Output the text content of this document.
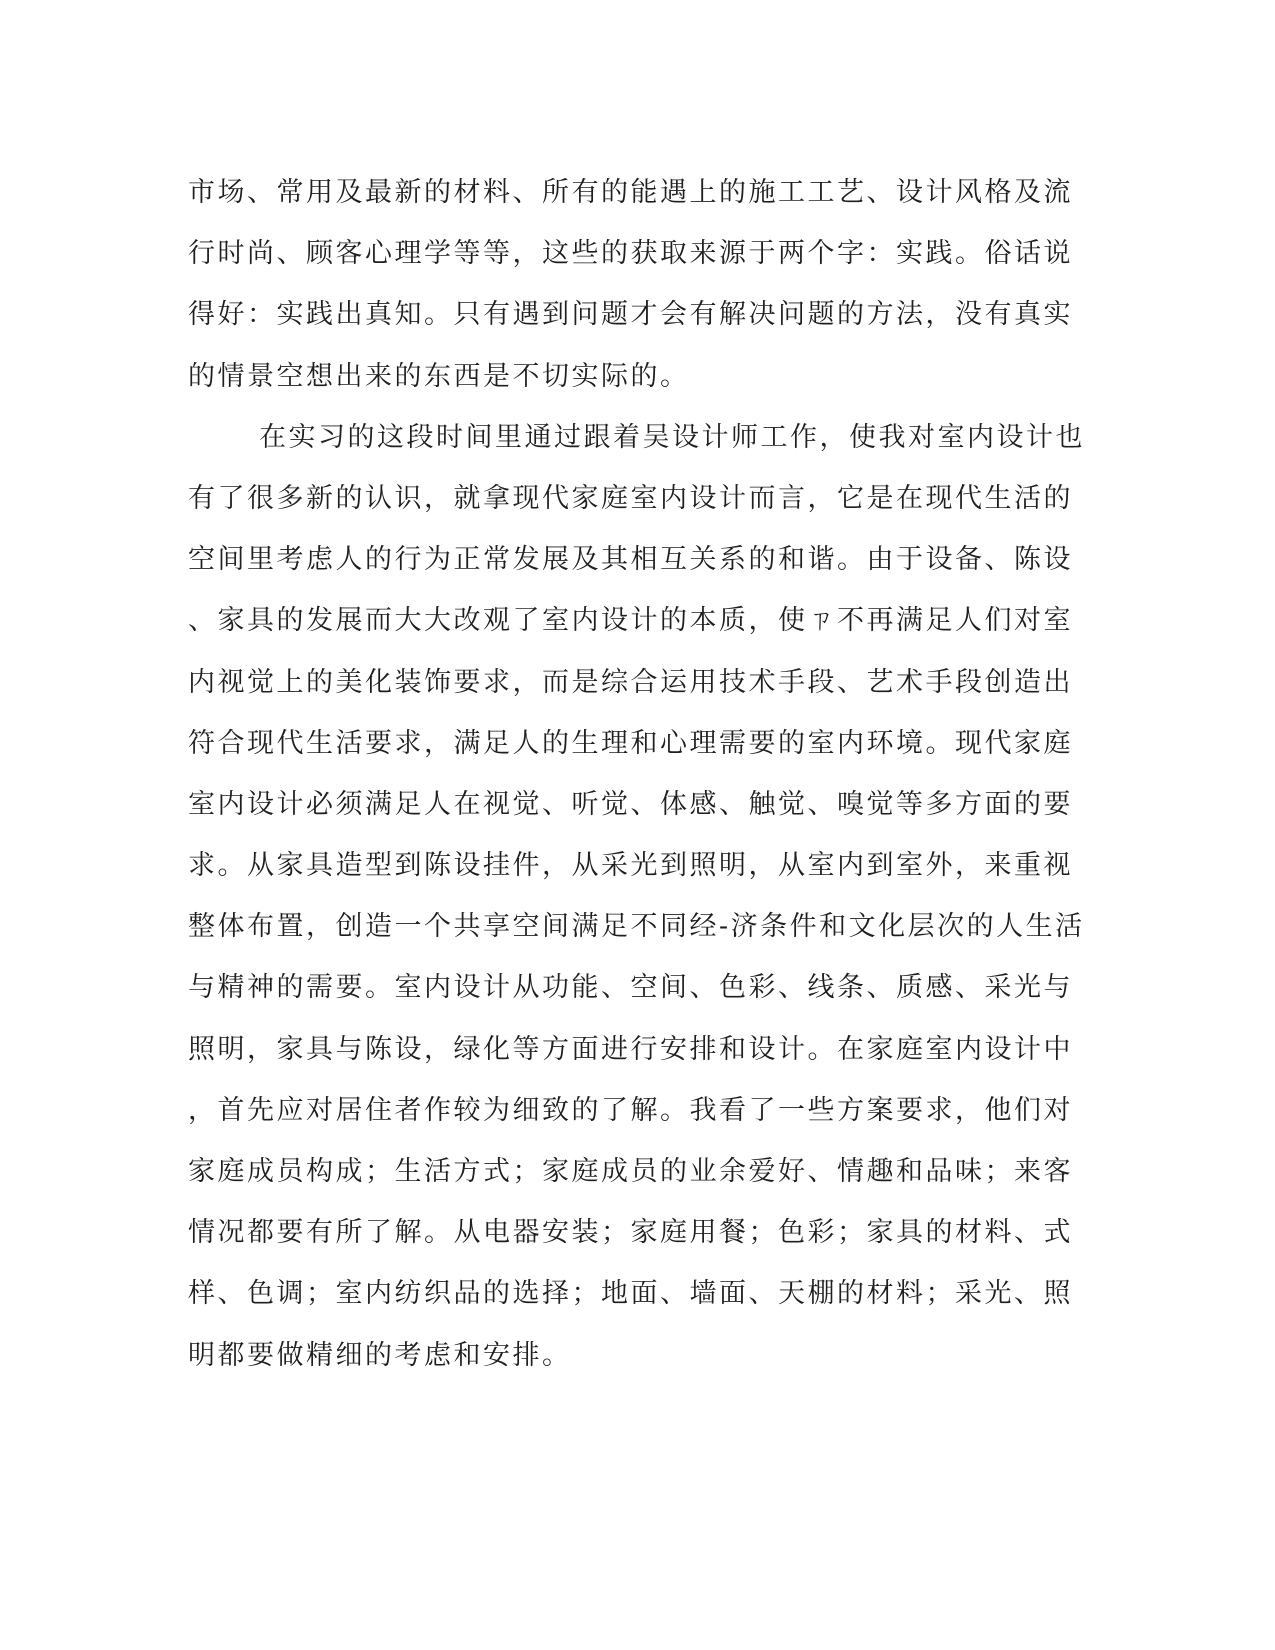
市场、常用及最新的材料、所有的能遇上的施工工艺、设计风格及流
行时尚、顾客心理学等等，这些的获取来源于两个字：实践。俗话说
得好：实践出真知。只有遇到问题才会有解决问题的方法，没有真实
的情景空想出来的东西是不切实际的。
在实习的这段时间里通过跟着吴设计师工作，使我对室内设计也
有了很多新的认识，就拿现代家庭室内设计而言，它是在现代生活的
空间里考虑人的行为正常发展及其相互关系的和谐。由于设备、陈设
、家具的发展而大大改观了室内设计的本质，使ㄗ不再满足人们对室
内视觉上的美化装饰要求，而是综合运用技术手段、艺术手段创造出
符合现代生活要求，满足人的生理和心理需要的室内环境。现代家庭
室内设计必须满足人在视觉、听觉、体感、触觉、嗅觉等多方面的要
求。从家具造型到陈设挂件，从采光到照明，从室内到室外，来重视
整体布置，创造一个共享空间满足不同经-济条件和文化层次的人生活
与精神的需要。室内设计从功能、空间、色彩、线条、质感、采光与
照明，家具与陈设，绿化等方面进行安排和设计。在家庭室内设计中
，首先应对居住者作较为细致的了解。我看了一些方案要求，他们对
家庭成员构成；生活方式；家庭成员的业余爱好、情趣和品味；来客
情况都要有所了解。从电器安装；家庭用餐；色彩；家具的材料、式
样、色调；室内纺织品的选择；地面、墙面、天棚的材料；采光、照
明都要做精细的考虑和安排。
